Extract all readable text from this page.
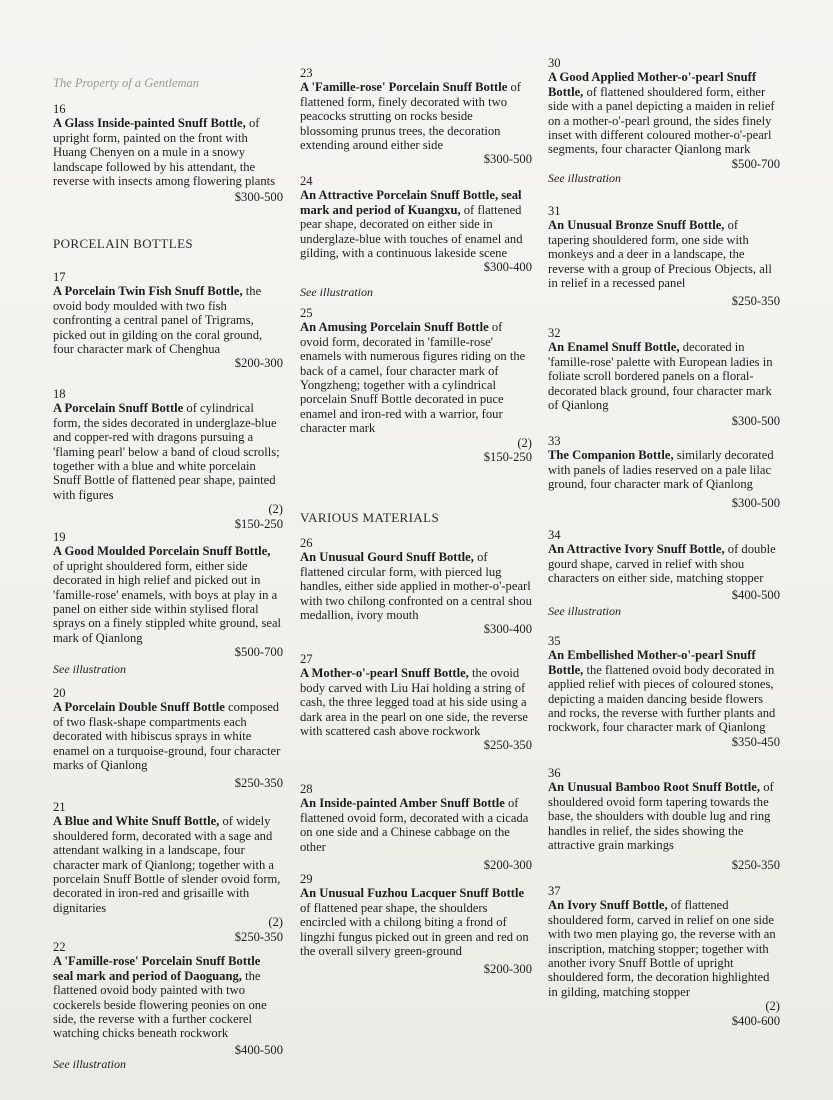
The Property of a Gentleman
16
A Glass Inside-painted Snuff Bottle, of upright form, painted on the front with Huang Chenyen on a mule in a snowy landscape followed by his attendant, the reverse with insects among flowering plants
$300-500
PORCELAIN BOTTLES
17
A Porcelain Twin Fish Snuff Bottle, the ovoid body moulded with two fish confronting a central panel of Trigrams, picked out in gilding on the coral ground, four character mark of Chenghua
$200-300
18
A Porcelain Snuff Bottle of cylindrical form, the sides decorated in underglaze-blue and copper-red with dragons pursuing a 'flaming pearl' below a band of cloud scrolls; together with a blue and white porcelain Snuff Bottle of flattened pear shape, painted with figures
(2)
$150-250
19
A Good Moulded Porcelain Snuff Bottle, of upright shouldered form, either side decorated in high relief and picked out in 'famille-rose' enamels, with boys at play in a panel on either side within stylised floral sprays on a finely stippled white ground, seal mark of Qianlong
$500-700
See illustration
20
A Porcelain Double Snuff Bottle composed of two flask-shape compartments each decorated with hibiscus sprays in white enamel on a turquoise-ground, four character marks of Qianlong
$250-350
21
A Blue and White Snuff Bottle, of widely shouldered form, decorated with a sage and attendant walking in a landscape, four character mark of Qianlong; together with a porcelain Snuff Bottle of slender ovoid form, decorated in iron-red and grisaille with dignitaries
(2)
$250-350
22
A 'Famille-rose' Porcelain Snuff Bottle seal mark and period of Daoguang, the flattened ovoid body painted with two cockerels beside flowering peonies on one side, the reverse with a further cockerel watching chicks beneath rockwork
$400-500
See illustration
23
A 'Famille-rose' Porcelain Snuff Bottle of flattened form, finely decorated with two peacocks strutting on rocks beside blossoming prunus trees, the decoration extending around either side
$300-500
24
An Attractive Porcelain Snuff Bottle, seal mark and period of Kuangxu, of flattened pear shape, decorated on either side in underglaze-blue with touches of enamel and gilding, with a continuous lakeside scene
$300-400
See illustration
25
An Amusing Porcelain Snuff Bottle of ovoid form, decorated in 'famille-rose' enamels with numerous figures riding on the back of a camel, four character mark of Yongzheng; together with a cylindrical porcelain Snuff Bottle decorated in puce enamel and iron-red with a warrior, four character mark
(2)
$150-250
VARIOUS MATERIALS
26
An Unusual Gourd Snuff Bottle, of flattened circular form, with pierced lug handles, either side applied in mother-o'-pearl with two chilong confronted on a central shou medallion, ivory mouth
$300-400
27
A Mother-o'-pearl Snuff Bottle, the ovoid body carved with Liu Hai holding a string of cash, the three legged toad at his side using a dark area in the pearl on one side, the reverse with scattered cash above rockwork
$250-350
28
An Inside-painted Amber Snuff Bottle of flattened ovoid form, decorated with a cicada on one side and a Chinese cabbage on the other
$200-300
29
An Unusual Fuzhou Lacquer Snuff Bottle of flattened pear shape, the shoulders encircled with a chilong biting a frond of lingzhi fungus picked out in green and red on the overall silvery green-ground
$200-300
30
A Good Applied Mother-o'-pearl Snuff Bottle, of flattened shouldered form, either side with a panel depicting a maiden in relief on a mother-o'-pearl ground, the sides finely inset with different coloured mother-o'-pearl segments, four character Qianlong mark
$500-700
See illustration
31
An Unusual Bronze Snuff Bottle, of tapering shouldered form, one side with monkeys and a deer in a landscape, the reverse with a group of Precious Objects, all in relief in a recessed panel
$250-350
32
An Enamel Snuff Bottle, decorated in 'famille-rose' palette with European ladies in foliate scroll bordered panels on a floral-decorated black ground, four character mark of Qianlong
$300-500
33
The Companion Bottle, similarly decorated with panels of ladies reserved on a pale lilac ground, four character mark of Qianlong
$300-500
34
An Attractive Ivory Snuff Bottle, of double gourd shape, carved in relief with shou characters on either side, matching stopper
$400-500
See illustration
35
An Embellished Mother-o'-pearl Snuff Bottle, the flattened ovoid body decorated in applied relief with pieces of coloured stones, depicting a maiden dancing beside flowers and rocks, the reverse with further plants and rockwork, four character mark of Qianlong
$350-450
36
An Unusual Bamboo Root Snuff Bottle, of shouldered ovoid form tapering towards the base, the shoulders with double lug and ring handles in relief, the sides showing the attractive grain markings
$250-350
37
An Ivory Snuff Bottle, of flattened shouldered form, carved in relief on one side with two men playing go, the reverse with an inscription, matching stopper; together with another ivory Snuff Bottle of upright shouldered form, the decoration highlighted in gilding, matching stopper
(2)
$400-600
